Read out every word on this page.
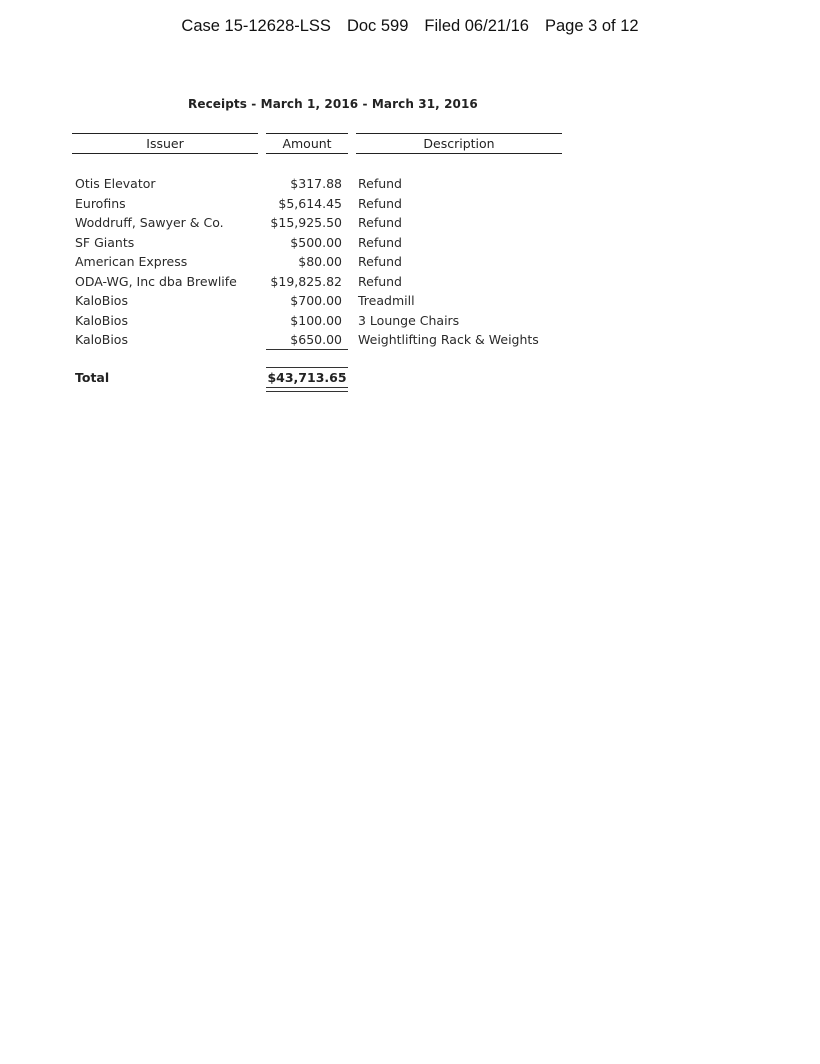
Case 15-12628-LSS Doc 599 Filed 06/21/16 Page 3 of 12
Receipts - March 1, 2016 - March 31, 2016
Issuer	Amount	Description
Otis Elevator	$317.88 Refund
Eurofins	$5,614.45 Refund
Woddruff, Sawyer & Co.	$15,925.50 Refund
SF Giants	$500.00 Refund
American Express	$80.00 Refund
ODA-WG, Inc dba Brewlife	$19,825.82 Refund
KaloBios	$700.00 Treadmill
KaloBios	$100.00 3 Lounge Chairs
KaloBios	$650.00 Weightlifting Rack & Weights
Total	$43,713.65
